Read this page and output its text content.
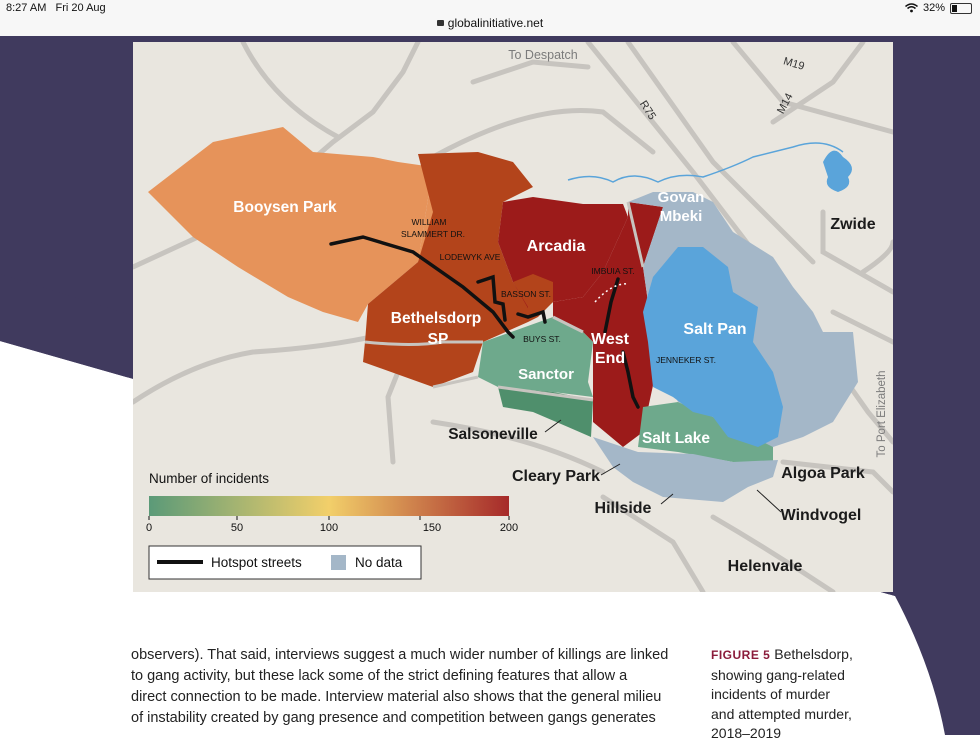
8:27 AM Fri 20 Aug
globalinitiative.net
32%
Booysen Park
Bethelsdorp
SP
Arcadia
Govan
Mbeki
Salt Pan
West
End
Sanctor
Salt Lake
Zwide
Algoa Park
Salsoneville
Cleary Park
Hillside	Windvogel
Helenvale
WILLIAM
SLAMMERT DR.
LODEWYK AVE
BASSON ST.
BUYS ST.
IMBUIA ST.
JENNEKER ST.
To Despatch
R75
M19
M14
To Port Elizabeth
Number of incidents
0	50	100	150	200
Hotspot streets	No data

observers). That said, interviews suggest a much wider number of killings are linked

to gang activity, but these lack some of the strict defining features that allow a

direct connection to be made. Interview material also shows that the general milieu

of instability created by gang presence and competition between gangs generates

FIGURE 5 Bethelsdorp,
showing gang-related
incidents of murder
and attempted murder,
2018–2019
